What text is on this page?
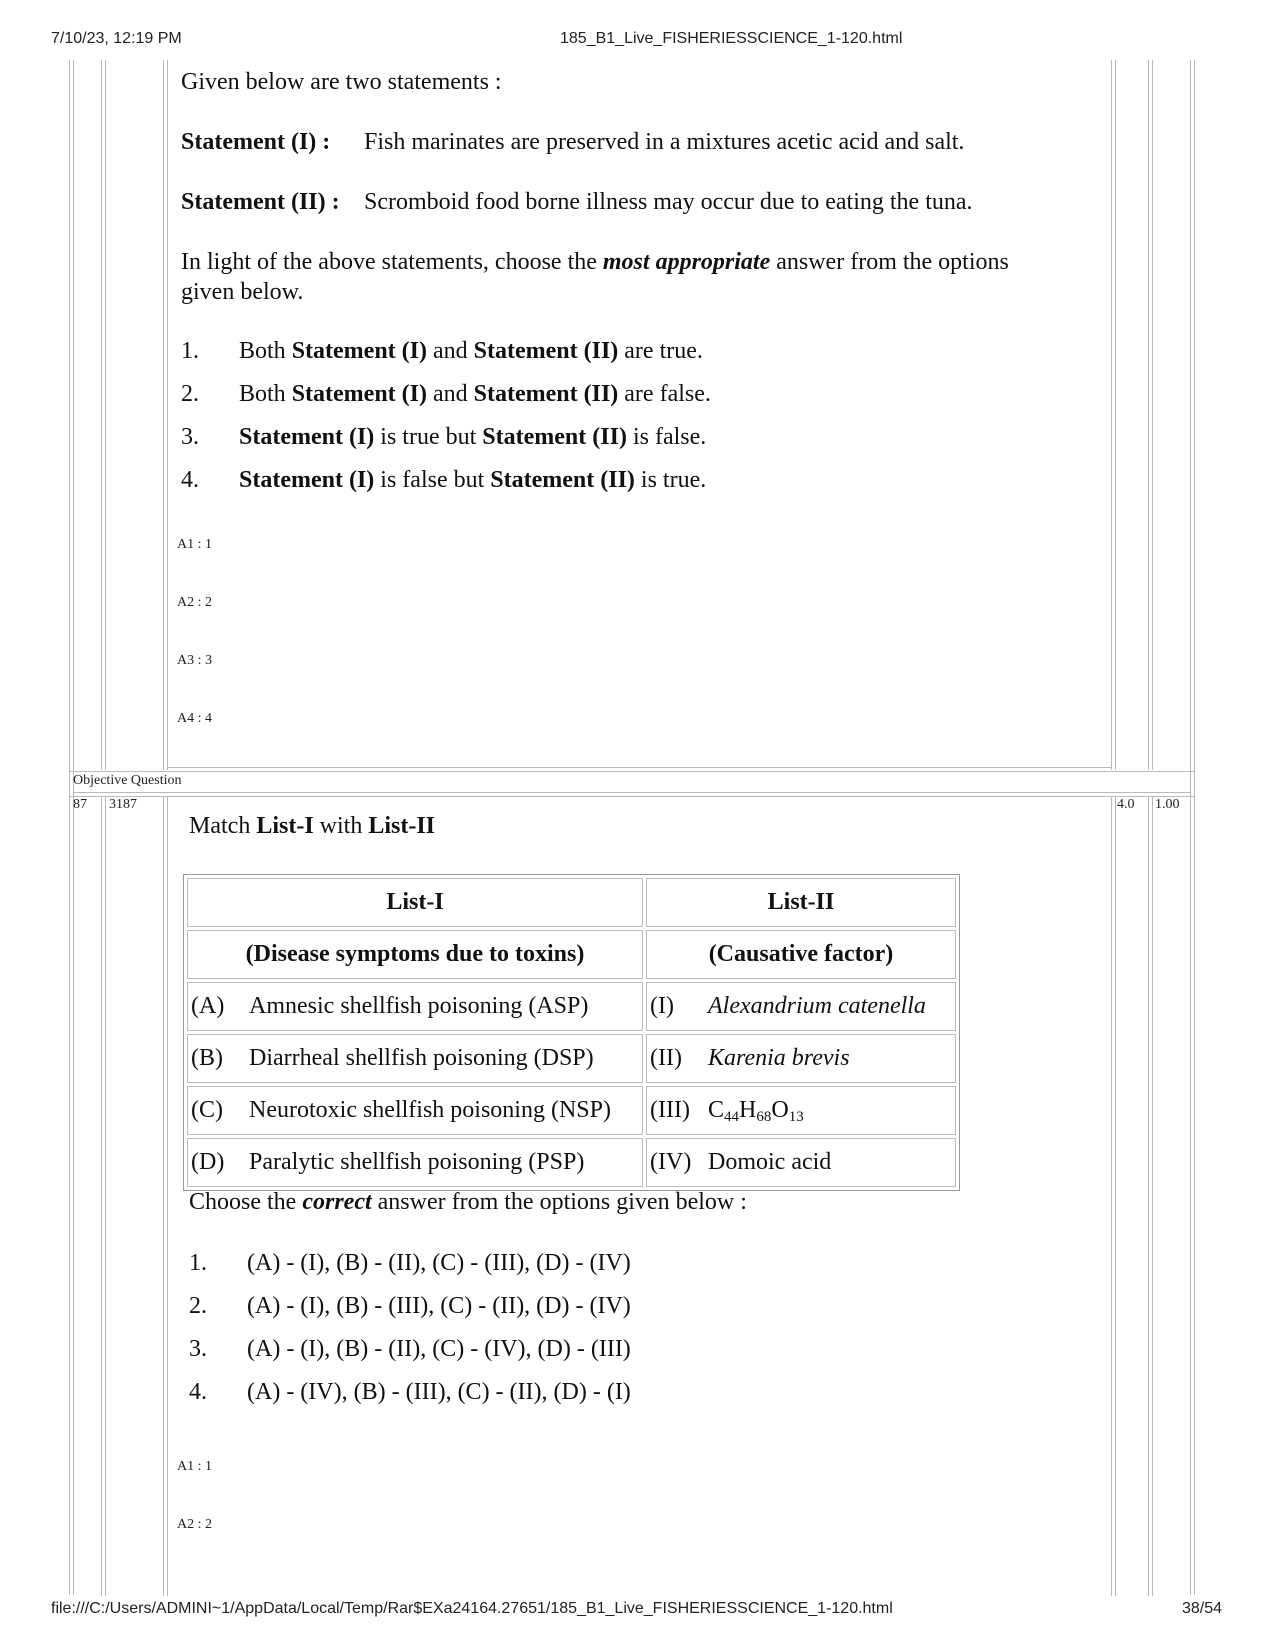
7/10/23, 12:19 PM	185_B1_Live_FISHERIESSCIENCE_1-120.html
Given below are two statements :
Statement (I) : Fish marinates are preserved in a mixtures acetic acid and salt.
Statement (II) : Scromboid food borne illness may occur due to eating the tuna.
In light of the above statements, choose the most appropriate answer from the options
given below.
1. Both Statement (I) and Statement (II) are true.
2. Both Statement (I) and Statement (II) are false.
3. Statement (I) is true but Statement (II) is false.
4. Statement (I) is false but Statement (II) is true.
A1 : 1
A2 : 2
A3 : 3
A4 : 4
Objective Question
87 3187	4.0 1.00
Match List-I with List-II
List-I	List-II
(Disease symptoms due to toxins)	(Causative factor)
(A) Amnesic shellfish poisoning (ASP)	(I) Alexandrium catenella
(B) Diarrheal shellfish poisoning (DSP)	(II) Karenia brevis
(C) Neurotoxic shellfish poisoning (NSP)	(III) $C_{44}H_{68}O_{13}$
(D) Paralytic shellfish poisoning (PSP)	(IV) Domoic acid
Choose the correct answer from the options given below :
1. (A) - (I), (B) - (II), (C) - (III), (D) - (IV)
2. (A) - (I), (B) - (III), (C) - (II), (D) - (IV)
3. (A) - (I), (B) - (II), (C) - (IV), (D) - (III)
4. (A) - (IV), (B) - (III), (C) - (II), (D) - (I)
A1 : 1
A2 : 2
file:///C:/Users/ADMINI~1/AppData/Local/Temp/Rar$EXa24164.27651/185_B1_Live_FISHERIESSCIENCE_1-120.html	38/54
